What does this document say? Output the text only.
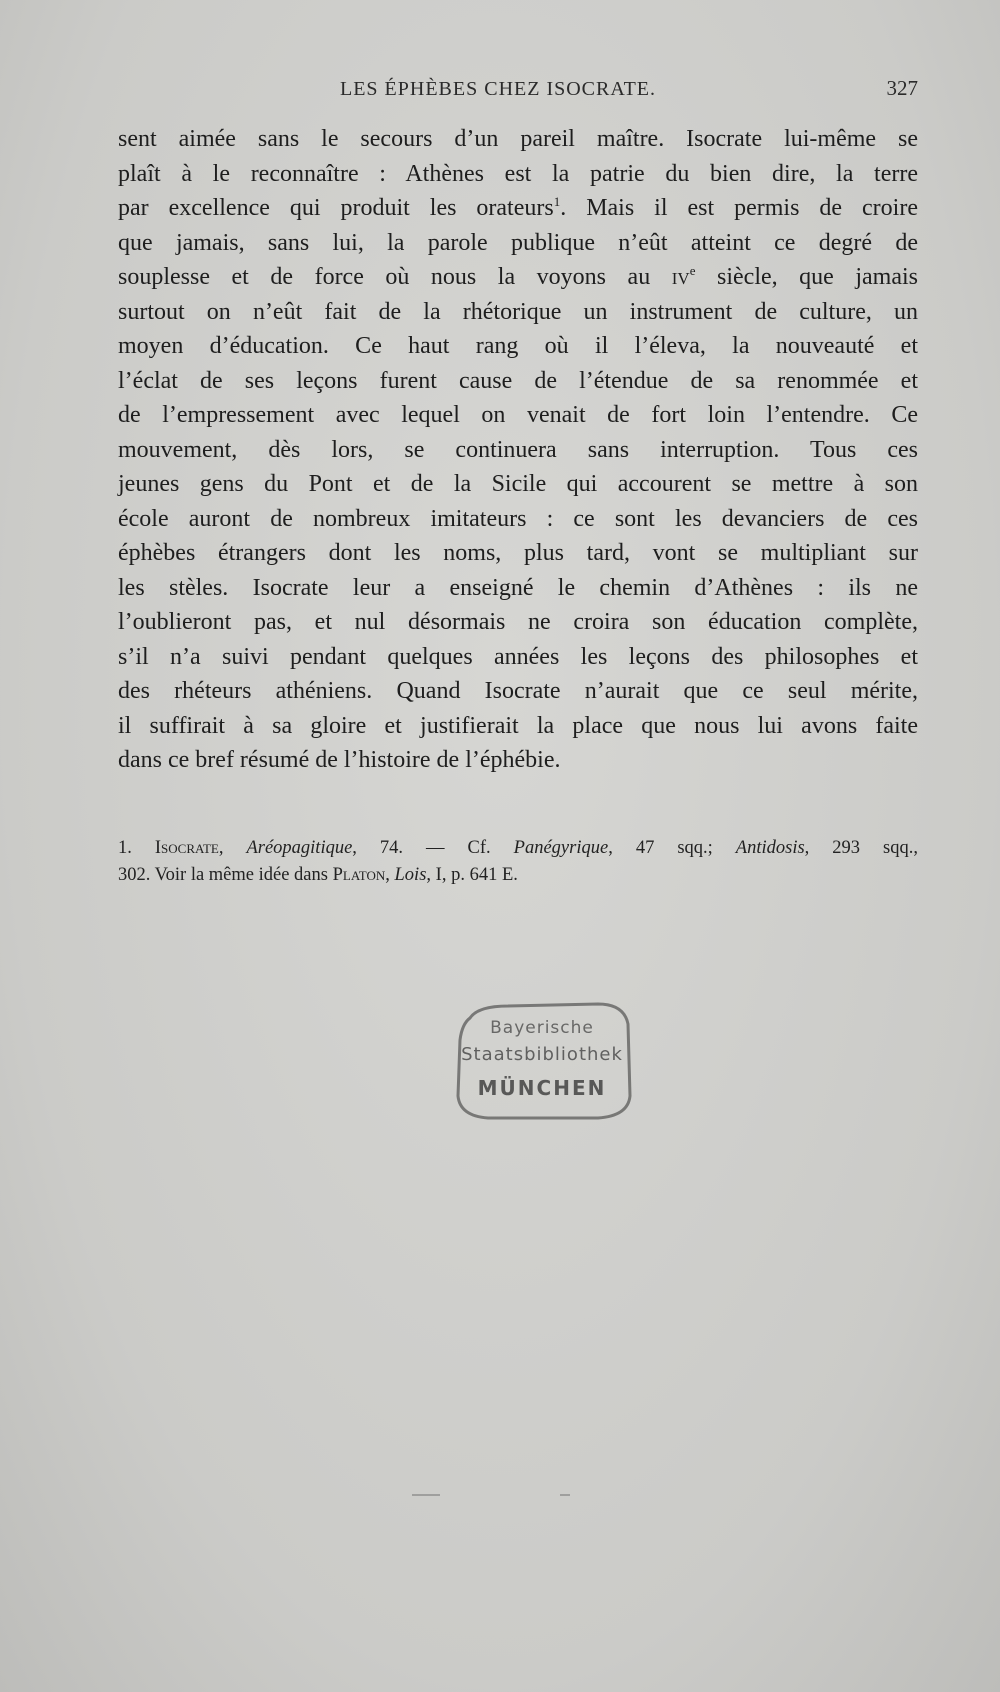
LES ÉPHÈBES CHEZ ISOCRATE.	327
sent aimée sans le secours d’un pareil maître. Isocrate lui-même se
plaît à le reconnaître : Athènes est la patrie du bien dire, la terre
par excellence qui produit les orateurs$^1$. Mais il est permis de croire
que jamais, sans lui, la parole publique n’eût atteint ce degré de
souplesse et de force où nous la voyons au $iv^e$ siècle, que jamais
surtout on n’eût fait de la rhétorique un instrument de culture, un
moyen d’éducation. Ce haut rang où il l’éleva, la nouveauté et
l’éclat de ses leçons furent cause de l’étendue de sa renommée et
de l’empressement avec lequel on venait de fort loin l’entendre. Ce
mouvement, dès lors, se continuera sans interruption. Tous ces
jeunes gens du Pont et de la Sicile qui accourent se mettre à son
école auront de nombreux imitateurs : ce sont les devanciers de ces
éphèbes étrangers dont les noms, plus tard, vont se multipliant sur
les stèles. Isocrate leur a enseigné le chemin d’Athènes : ils ne
l’oublieront pas, et nul désormais ne croira son éducation complète,
s’il n’a suivi pendant quelques années les leçons des philosophes et
des rhéteurs athéniens. Quand Isocrate n’aurait que ce seul mérite,
il suffirait à sa gloire et justifierait la place que nous lui avons faite
dans ce bref résumé de l’histoire de l’éphébie.
1. Isocrate, Aréopagitique, 74. — Cf. Panégyrique, 47 sqq.; Antidosis, 293 sqq.,
302. Voir la même idée dans Platon, Lois, I, p. 641 E.
Bayerische
Staatsbibliothek
MÜNCHEN
